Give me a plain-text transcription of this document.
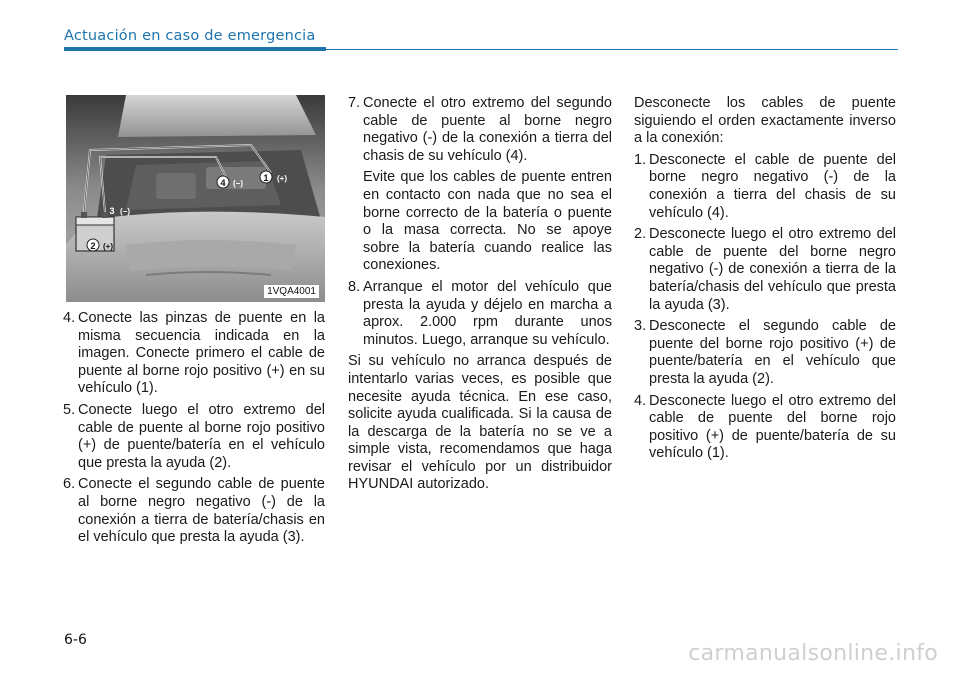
Actuación en caso de emergencia
1 (+)
2 (+)
3 (−)
4 (−)
1VQA4001
4. Conecte las pinzas de puente en la misma secuencia indicada en la imagen. Conecte primero el cable de puente al borne rojo positivo (+) en su vehículo (1).
5. Conecte luego el otro extremo del cable de puente al borne rojo positivo (+) de puente/batería en el vehículo que presta la ayuda (2).
6. Conecte el segundo cable de puente al borne negro negativo (-) de la conexión a tierra de batería/chasis en el vehículo que presta la ayuda (3).
7. Conecte el otro extremo del segundo cable de puente al borne negro negativo (-) de la conexión a tierra del chasis de su vehículo (4).
Evite que los cables de puente entren en contacto con nada que no sea el borne correcto de la batería o puente o la masa correcta. No se apoye sobre la batería cuando realice las conexiones.
8. Arranque el motor del vehículo que presta la ayuda y déjelo en marcha a aprox. 2.000 rpm durante unos minutos. Luego, arranque su vehículo.
Si su vehículo no arranca después de intentarlo varias veces, es posible que necesite ayuda técnica. En ese caso, solicite ayuda cualificada. Si la causa de la descarga de la batería no se ve a simple vista, recomendamos que haga revisar el vehículo por un distribuidor HYUNDAI autorizado.
Desconecte los cables de puente siguiendo el orden exactamente inverso a la conexión:
1. Desconecte el cable de puente del borne negro negativo (-) de la conexión a tierra del chasis de su vehículo (4).
2. Desconecte luego el otro extremo del cable de puente del borne negro negativo (-) de conexión a tierra de la batería/chasis del vehículo que presta la ayuda (3).
3. Desconecte el segundo cable de puente del borne rojo positivo (+) de puente/batería en el vehículo que presta la ayuda (2).
4. Desconecte luego el otro extremo del cable de puente del borne rojo positivo (+) de puente/batería de su vehículo (1).
6-6
carmanualsonline.info
